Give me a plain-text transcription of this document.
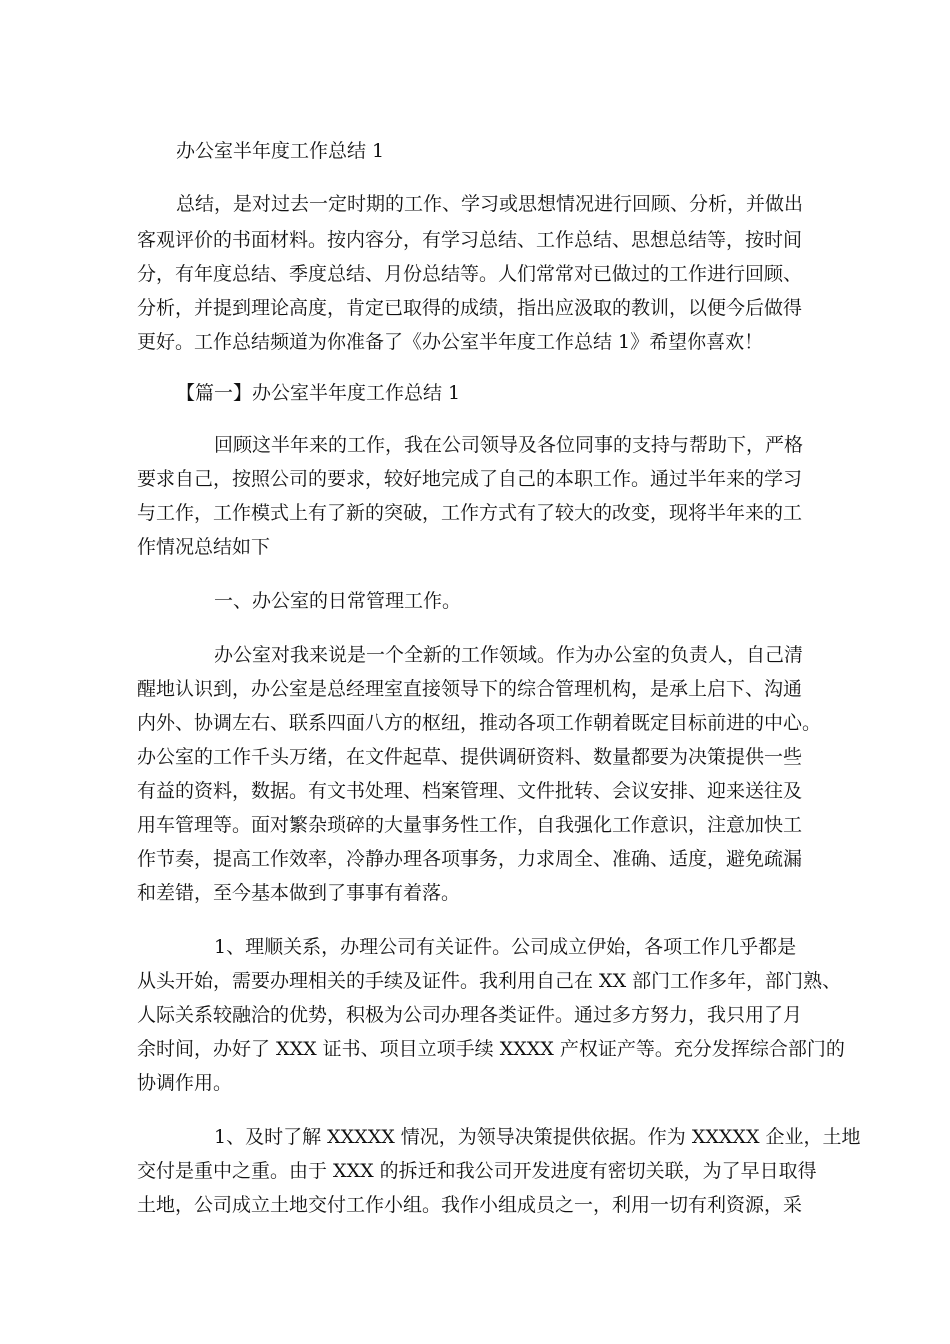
办公室半年度工作总结 1

总结，是对过去一定时期的工作、学习或思想情况进行回顾、分析，并做出

客观评价的书面材料。按内容分，有学习总结、工作总结、思想总结等，按时间

分，有年度总结、季度总结、月份总结等。人们常常对已做过的工作进行回顾、

分析，并提到理论高度，肯定已取得的成绩，指出应汲取的教训，以便今后做得

更好。工作总结频道为你准备了《办公室半年度工作总结 1》希望你喜欢！

【篇一】办公室半年度工作总结 1

回顾这半年来的工作，我在公司领导及各位同事的支持与帮助下，严格

要求自己，按照公司的要求，较好地完成了自己的本职工作。通过半年来的学习

与工作，工作模式上有了新的突破，工作方式有了较大的改变，现将半年来的工

作情况总结如下

一、办公室的日常管理工作。

办公室对我来说是一个全新的工作领域。作为办公室的负责人，自己清

醒地认识到，办公室是总经理室直接领导下的综合管理机构，是承上启下、沟通

内外、协调左右、联系四面八方的枢纽，推动各项工作朝着既定目标前进的中心。

办公室的工作千头万绪，在文件起草、提供调研资料、数量都要为决策提供一些

有益的资料，数据。有文书处理、档案管理、文件批转、会议安排、迎来送往及

用车管理等。面对繁杂琐碎的大量事务性工作，自我强化工作意识，注意加快工

作节奏，提高工作效率，冷静办理各项事务，力求周全、准确、适度，避免疏漏

和差错，至今基本做到了事事有着落。

1、理顺关系，办理公司有关证件。公司成立伊始，各项工作几乎都是

从头开始，需要办理相关的手续及证件。我利用自己在 XX 部门工作多年，部门熟、

人际关系较融洽的优势，积极为公司办理各类证件。通过多方努力，我只用了月

余时间，办好了 XXX 证书、项目立项手续 XXXX 产权证产等。充分发挥综合部门的

协调作用。

1、及时了解 XXXXX 情况，为领导决策提供依据。作为 XXXXX 企业，土地

交付是重中之重。由于 XXX 的拆迁和我公司开发进度有密切关联，为了早日取得

土地，公司成立土地交付工作小组。我作小组成员之一，利用一切有利资源，采
